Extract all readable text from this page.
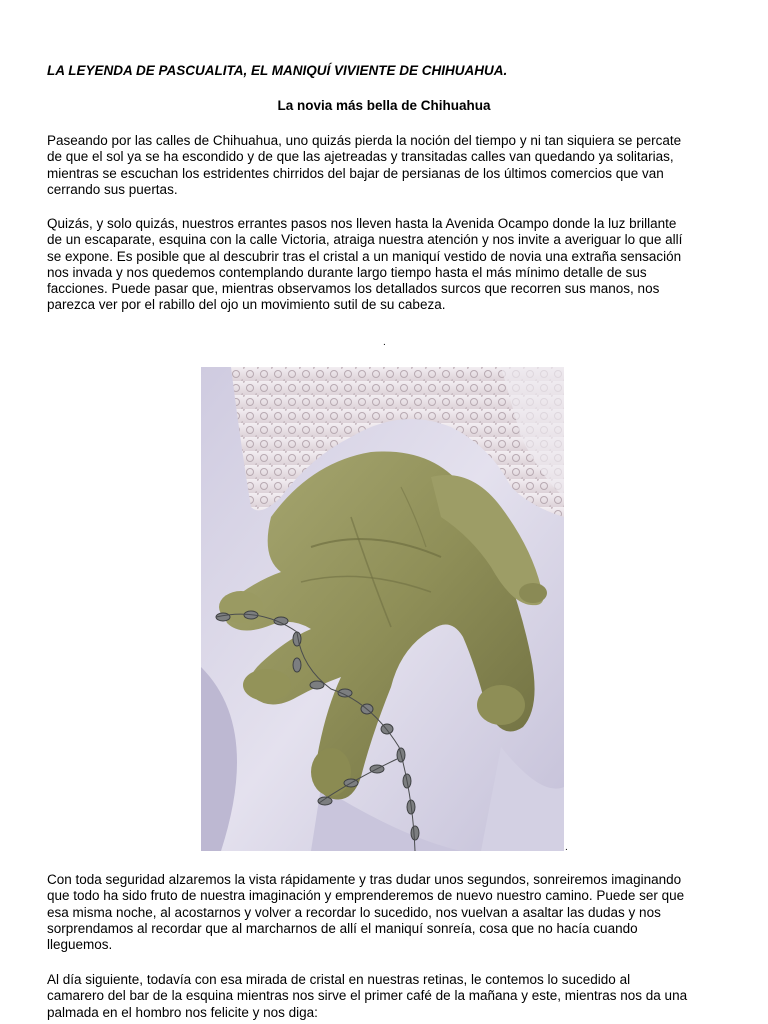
LA LEYENDA DE PASCUALITA, EL MANIQUÍ VIVIENTE DE CHIHUAHUA.
La novia más bella de Chihuahua
Paseando por las calles de Chihuahua, uno quizás pierda la noción del tiempo y ni tan siquiera se percate
de que el sol ya se ha escondido y de que las ajetreadas y transitadas calles van quedando ya solitarias,
mientras se escuchan los estridentes chirridos del bajar de persianas de los últimos comercios que van
cerrando sus puertas.
Quizás, y solo quizás, nuestros errantes pasos nos lleven hasta la Avenida Ocampo donde la luz brillante
de un escaparate, esquina con la calle Victoria, atraiga nuestra atención y nos invite a averiguar lo que allí
se expone. Es posible que al descubrir tras el cristal a un maniquí vestido de novia una extraña sensación
nos invada y nos quedemos contemplando durante largo tiempo hasta el más mínimo detalle de sus
facciones. Puede pasar que, mientras observamos los detallados surcos que recorren sus manos, nos
parezca ver por el rabillo del ojo un movimiento sutil de su cabeza.
.
.
Con toda seguridad alzaremos la vista rápidamente y tras dudar unos segundos, sonreiremos imaginando
que todo ha sido fruto de nuestra imaginación y emprenderemos de nuevo nuestro camino. Puede ser que
esa misma noche, al acostarnos y volver a recordar lo sucedido, nos vuelvan a asaltar las dudas y nos
sorprendamos al recordar que al marcharnos de allí el maniquí sonreía, cosa que no hacía cuando
lleguemos.
Al día siguiente, todavía con esa mirada de cristal en nuestras retinas, le contemos lo sucedido al
camarero del bar de la esquina mientras nos sirve el primer café de la mañana y este, mientras nos da una
palmada en el hombro nos felicite y nos diga:
